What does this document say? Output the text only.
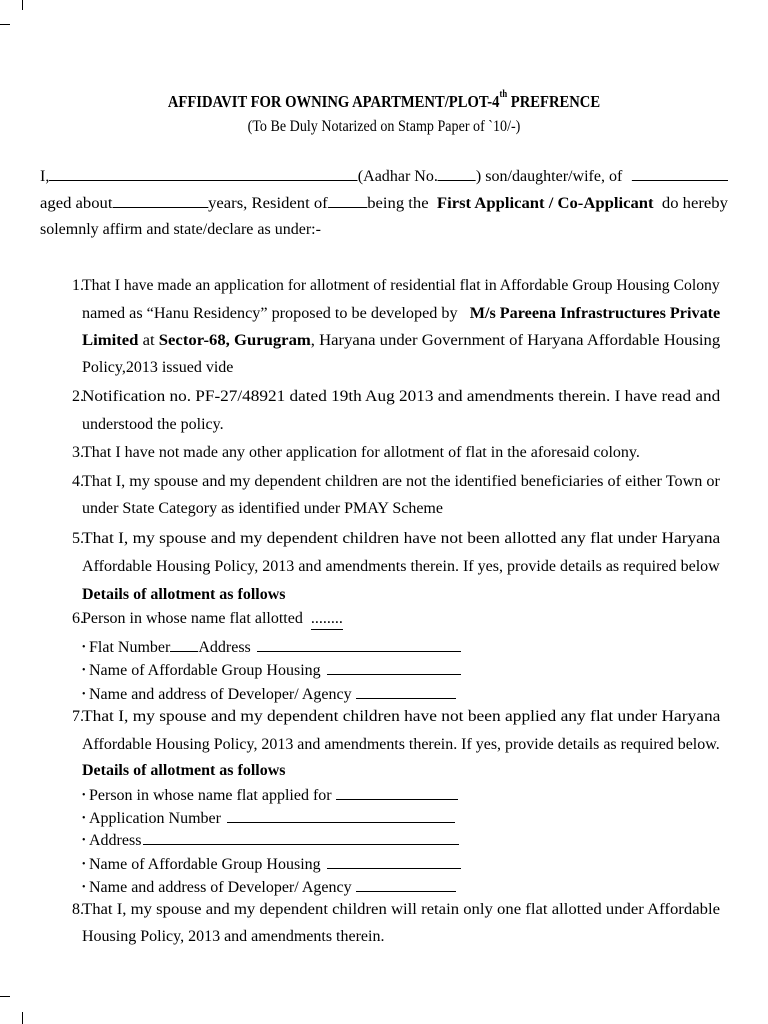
AFFIDAVIT FOR OWNING APARTMENT/PLOT-4th PREFRENCE
(To Be Duly Notarized on Stamp Paper of `10/-)
I,	(Aadhar No. ) son/daughter/wife, of
aged about	years, Resident of being the First Applicant / Co-Applicant do hereby
solemnly affirm and state/declare as under:-
1.
That I have made an application for allotment of residential flat in Affordable Group Housing Colony
named as “Hanu Residency” proposed to be developed by M/s Pareena Infrastructures Private
Limited at Sector-68, Gurugram, Haryana under Government of Haryana Affordable Housing
Policy,2013 issued vide
2.
Notification no. PF-27/48921 dated 19th Aug 2013 and amendments therein. I have read and
understood the policy.
3.
That I have not made any other application for allotment of flat in the aforesaid colony.
4.
That I, my spouse and my dependent children are not the identified beneficiaries of either Town or
under State Category as identified under PMAY Scheme
5.
That I, my spouse and my dependent children have not been allotted any flat under Haryana
Affordable Housing Policy, 2013 and amendments therein. If yes, provide details as required below
Details of allotment as follows
6.
Person in whose name flat allotted ........
• Flat Number Address
• Name of Affordable Group Housing
• Name and address of Developer/ Agency
7.
That I, my spouse and my dependent children have not been applied any flat under Haryana
Affordable Housing Policy, 2013 and amendments therein. If yes, provide details as required below.
Details of allotment as follows
• Person in whose name flat applied for
• Application Number
• Address
• Name of Affordable Group Housing
• Name and address of Developer/ Agency
8.
That I, my spouse and my dependent children will retain only one flat allotted under Affordable
Housing Policy, 2013 and amendments therein.
